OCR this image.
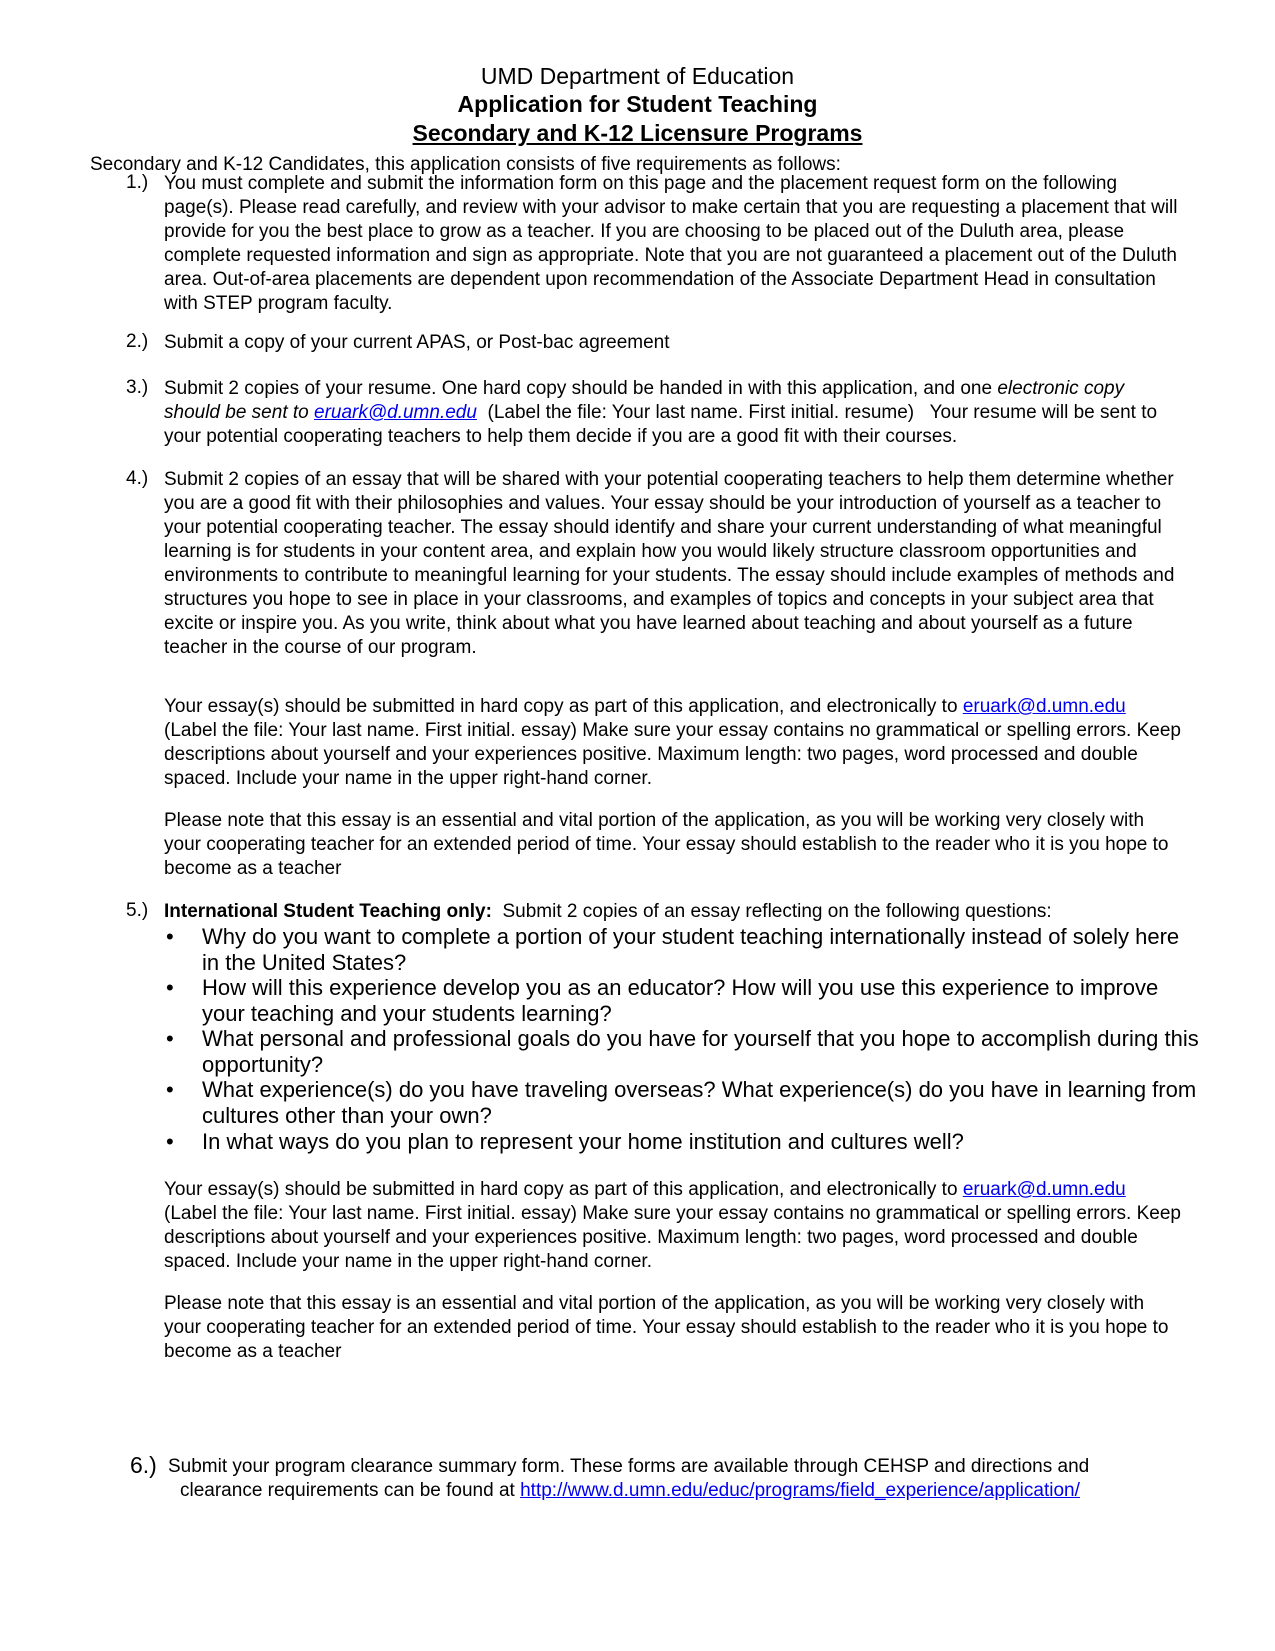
UMD Department of Education
Application for Student Teaching
Secondary and K-12 Licensure Programs
Secondary and K-12 Candidates, this application consists of five requirements as follows:
1.) You must complete and submit the information form on this page and the placement request form on the following page(s). Please read carefully, and review with your advisor to make certain that you are requesting a placement that will provide for you the best place to grow as a teacher. If you are choosing to be placed out of the Duluth area, please complete requested information and sign as appropriate. Note that you are not guaranteed a placement out of the Duluth area. Out-of-area placements are dependent upon recommendation of the Associate Department Head in consultation with STEP program faculty.

2.) Submit a copy of your current APAS, or Post-bac agreement

3.) Submit 2 copies of your resume. One hard copy should be handed in with this application, and one electronic copy should be sent to eruark@d.umn.edu  (Label the file: Your last name. First initial. resume)   Your resume will be sent to your potential cooperating teachers to help them decide if you are a good fit with their courses.

4.) Submit 2 copies of an essay that will be shared with your potential cooperating teachers to help them determine whether you are a good fit with their philosophies and values. Your essay should be your introduction of yourself as a teacher to your potential cooperating teacher. The essay should identify and share your current understanding of what meaningful learning is for students in your content area, and explain how you would likely structure classroom opportunities and environments to contribute to meaningful learning for your students. The essay should include examples of methods and structures you hope to see in place in your classrooms, and examples of topics and concepts in your subject area that excite or inspire you. As you write, think about what you have learned about teaching and about yourself as a future teacher in the course of our program.

Your essay(s) should be submitted in hard copy as part of this application, and electronically to eruark@d.umn.edu  (Label the file: Your last name. First initial. essay) Make sure your essay contains no grammatical or spelling errors. Keep descriptions about yourself and your experiences positive. Maximum length: two pages, word processed and double spaced. Include your name in the upper right-hand corner.

Please note that this essay is an essential and vital portion of the application, as you will be working very closely with your cooperating teacher for an extended period of time. Your essay should establish to the reader who it is you hope to become as a teacher

5.) International Student Teaching only:  Submit 2 copies of an essay reflecting on the following questions:

• Why do you want to complete a portion of your student teaching internationally instead of solely here in the United States?
• How will this experience develop you as an educator? How will you use this experience to improve your teaching and your students learning?
• What personal and professional goals do you have for yourself that you hope to accomplish during this opportunity?
• What experience(s) do you have traveling overseas? What experience(s) do you have in learning from cultures other than your own?
• In what ways do you plan to represent your home institution and cultures well?

Your essay(s) should be submitted in hard copy as part of this application, and electronically to eruark@d.umn.edu  (Label the file: Your last name. First initial. essay) Make sure your essay contains no grammatical or spelling errors. Keep descriptions about yourself and your experiences positive. Maximum length: two pages, word processed and double spaced. Include your name in the upper right-hand corner.

Please note that this essay is an essential and vital portion of the application, as you will be working very closely with your cooperating teacher for an extended period of time. Your essay should establish to the reader who it is you hope to become as a teacher

6.) Submit your program clearance summary form. These forms are available through CEHSP and directions and
clearance requirements can be found at http://www.d.umn.edu/educ/programs/field_experience/application/
